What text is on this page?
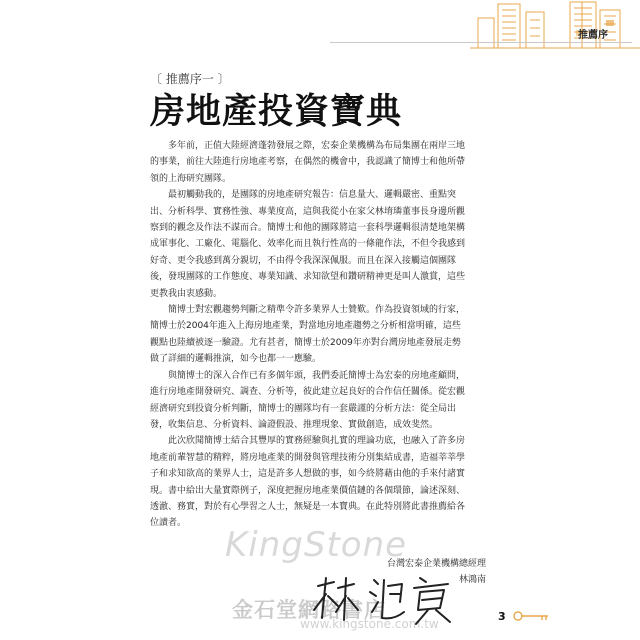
推薦序
〔 推薦序一 〕
房地產投資寶典

多年前，正值大陸經濟蓬勃發展之際，宏泰企業機構為布局集團在兩岸三地的事業，前往大陸進行房地產考察，在偶然的機會中，我認識了簡博士和他所帶領的上海研究團隊。

最初觸動我的，是團隊的房地產研究報告：信息量大、邏輯嚴密、重點突出、分析科學、實務性強、專業度高，這與我從小在家父林堉璘董事長身邊所觀察到的觀念及作法不謀而合。簡博士和他的團隊將這一套科學邏輯很清楚地架構成軍事化、工廠化、電腦化、效率化而且執行性高的一條龍作法，不但令我感到好奇、更令我感到萬分親切，不由得令我深深佩服。而且在深入接觸這個團隊後，發現團隊的工作態度、專業知識、求知欲望和鑽研精神更是叫人激賞，這些更教我由衷感動。

簡博士對宏觀趨勢判斷之精準令許多業界人士贊歎。作為投資領域的行家，簡博士於2004年進入上海房地產業，對當地房地產趨勢之分析相當明確，這些觀點也陸續被逐一驗證。尤有甚者，簡博士於2009年亦對台灣房地產發展走勢做了詳細的邏輯推演，如今也都一一應驗。

與簡博士的深入合作已有多個年頭，我們委託簡博士為宏泰的房地產顧問，進行房地產開發研究、調查、分析等，彼此建立起良好的合作信任關係。從宏觀經濟研究到投資分析判斷，簡博士的團隊均有一套嚴謹的分析方法：從全局出發，收集信息、分析資料、論證假設、推理現象、實做創造，成效斐然。

此次欣聞簡博士結合其豐厚的實務經驗與扎實的理論功底，也融入了許多房地產前輩智慧的精粹，將房地產業的開發與管理技術分別集結成書，造福莘莘學子和求知欲高的業界人士，這是許多人想做的事，如今終將藉由他的手來付諸實現。書中給出大量實際例子，深度把握房地產業價值鏈的各個環節，論述深刻、透澈、務實，對於有心學習之人士，無疑是一本寶典。在此特別將此書推薦給各位讀者。

KingStone
金石堂網路書店
www.kingstone.com.tw
台灣宏泰企業機構總經理
林鴻南
3
